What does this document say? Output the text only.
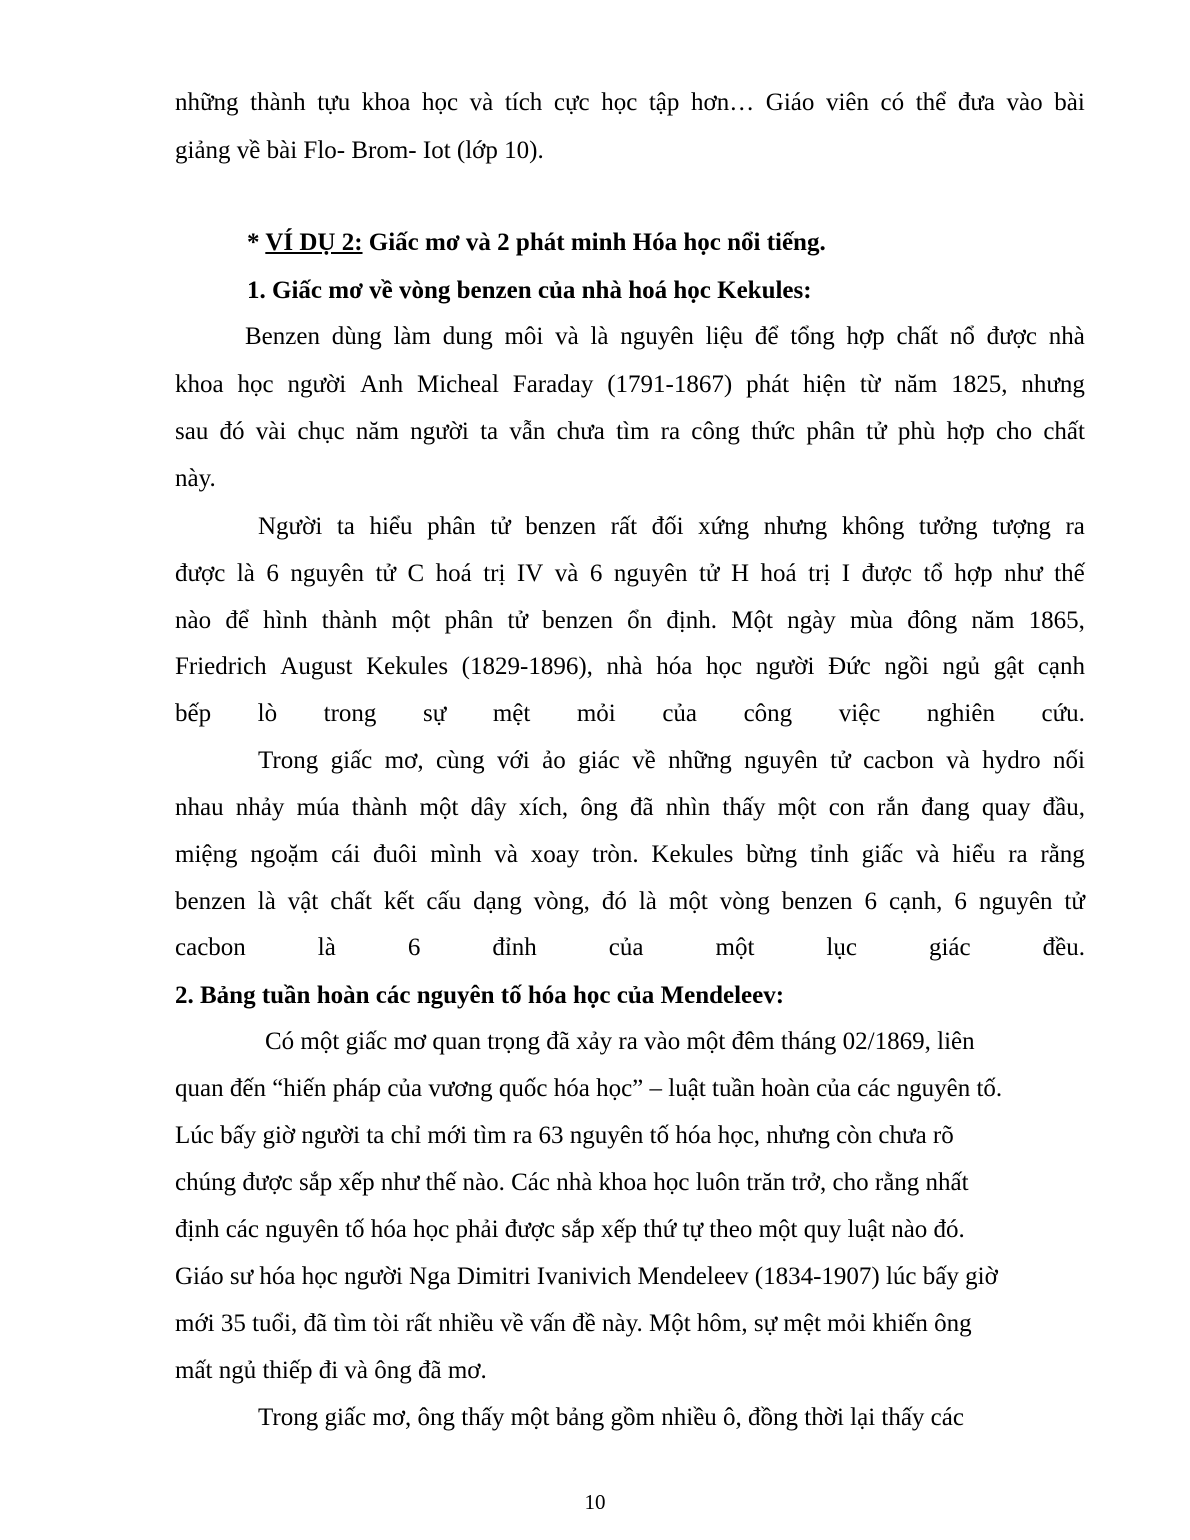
những thành tựu khoa học và tích cực học tập hơn… Giáo viên có thể đưa vào bài
giảng về bài Flo- Brom- Iot (lớp 10).
* VÍ DỤ 2: Giấc mơ và 2 phát minh Hóa học nổi tiếng.
1. Giấc mơ về vòng benzen của nhà hoá học Kekules:
Benzen dùng làm dung môi và là nguyên liệu để tổng hợp chất nổ được nhà
khoa học người Anh Micheal Faraday (1791-1867) phát hiện từ năm 1825, nhưng
sau đó vài chục năm người ta vẫn chưa tìm ra công thức phân tử phù hợp cho chất
này.
Người ta hiểu phân tử benzen rất đối xứng nhưng không tưởng tượng ra
được là 6 nguyên tử C hoá trị IV và 6 nguyên tử H hoá trị I được tổ hợp như thế
nào để hình thành một phân tử benzen ổn định. Một ngày mùa đông năm 1865,
Friedrich August Kekules (1829-1896), nhà hóa học người Đức ngồi ngủ gật cạnh
bếp lò trong sự mệt mỏi của công việc nghiên cứu.
Trong giấc mơ, cùng với ảo giác về những nguyên tử cacbon và hydro nối
nhau nhảy múa thành một dây xích, ông đã nhìn thấy một con rắn đang quay đầu,
miệng ngoặm cái đuôi mình và xoay tròn. Kekules bừng tỉnh giấc và hiểu ra rằng
benzen là vật chất kết cấu dạng vòng, đó là một vòng benzen 6 cạnh, 6 nguyên tử
cacbon	là	6	đỉnh	của	một	lục	giác	đều.
2. Bảng tuần hoàn các nguyên tố hóa học của Mendeleev:
Có một giấc mơ quan trọng đã xảy ra vào một đêm tháng 02/1869, liên
quan đến “hiến pháp của vương quốc hóa học” – luật tuần hoàn của các nguyên tố.
Lúc bấy giờ người ta chỉ mới tìm ra 63 nguyên tố hóa học, nhưng còn chưa rõ
chúng được sắp xếp như thế nào. Các nhà khoa học luôn trăn trở, cho rằng nhất
định các nguyên tố hóa học phải được sắp xếp thứ tự theo một quy luật nào đó.
Giáo sư hóa học người Nga Dimitri Ivanivich Mendeleev (1834-1907) lúc bấy giờ
mới 35 tuổi, đã tìm tòi rất nhiều về vấn đề này. Một hôm, sự mệt mỏi khiến ông
mất ngủ thiếp đi và ông đã mơ.
Trong giấc mơ, ông thấy một bảng gồm nhiều ô, đồng thời lại thấy các
10
